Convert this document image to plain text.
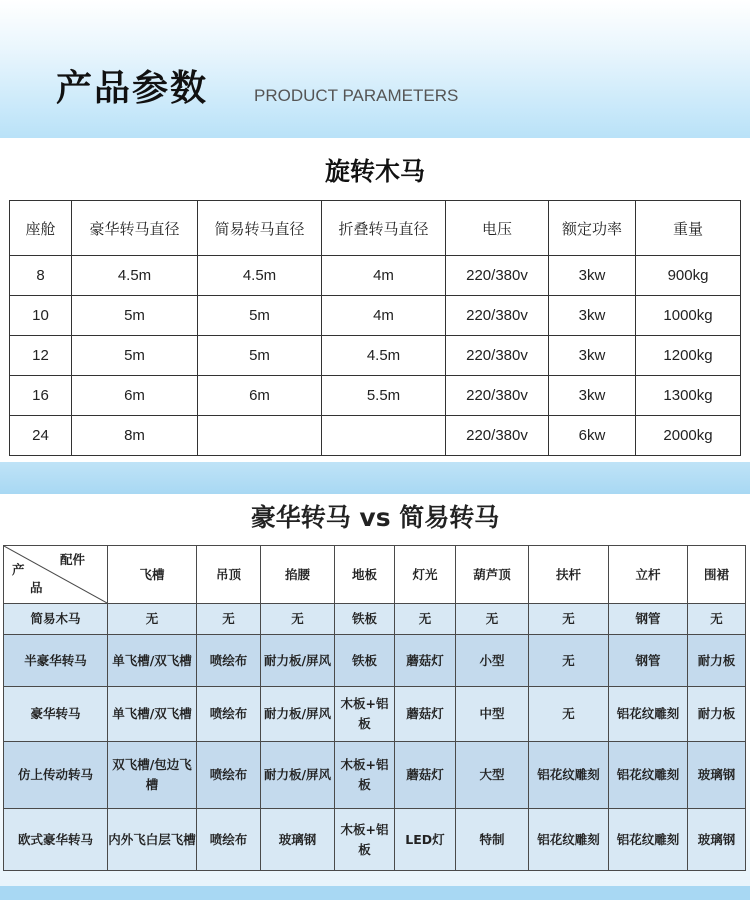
产品参数	PRODUCT PARAMETERS
旋转木马
座舱	豪华转马直径	简易转马直径	折叠转马直径	电压	额定功率	重量
8	4.5m	4.5m	4m	220/380v	3kw	900kg
10	5m	5m	4m	220/380v	3kw	1000kg
12	5m	5m	4.5m	220/380v	3kw	1200kg
16	6m	6m	5.5m	220/380v	3kw	1300kg
24	8m			220/380v	6kw	2000kg
豪华转马 vs 简易转马
配件
产
品	飞槽	吊顶	掐腰	地板	灯光	葫芦顶	扶杆	立杆	围裙
简易木马	无	无	无	铁板	无	无	无	钢管	无
半豪华转马	单飞槽/双飞槽	喷绘布	耐力板/屏风	铁板	蘑菇灯	小型	无	钢管	耐力板
豪华转马	单飞槽/双飞槽	喷绘布	耐力板/屏风	木板+铝板	蘑菇灯	中型	无	铝花纹雕刻	耐力板
仿上传动转马	双飞槽/包边飞槽	喷绘布	耐力板/屏风	木板+铝板	蘑菇灯	大型	铝花纹雕刻	铝花纹雕刻	玻璃钢
欧式豪华转马	内外飞白层飞槽	喷绘布	玻璃钢	木板+铝板	LED灯	特制	铝花纹雕刻	铝花纹雕刻	玻璃钢
